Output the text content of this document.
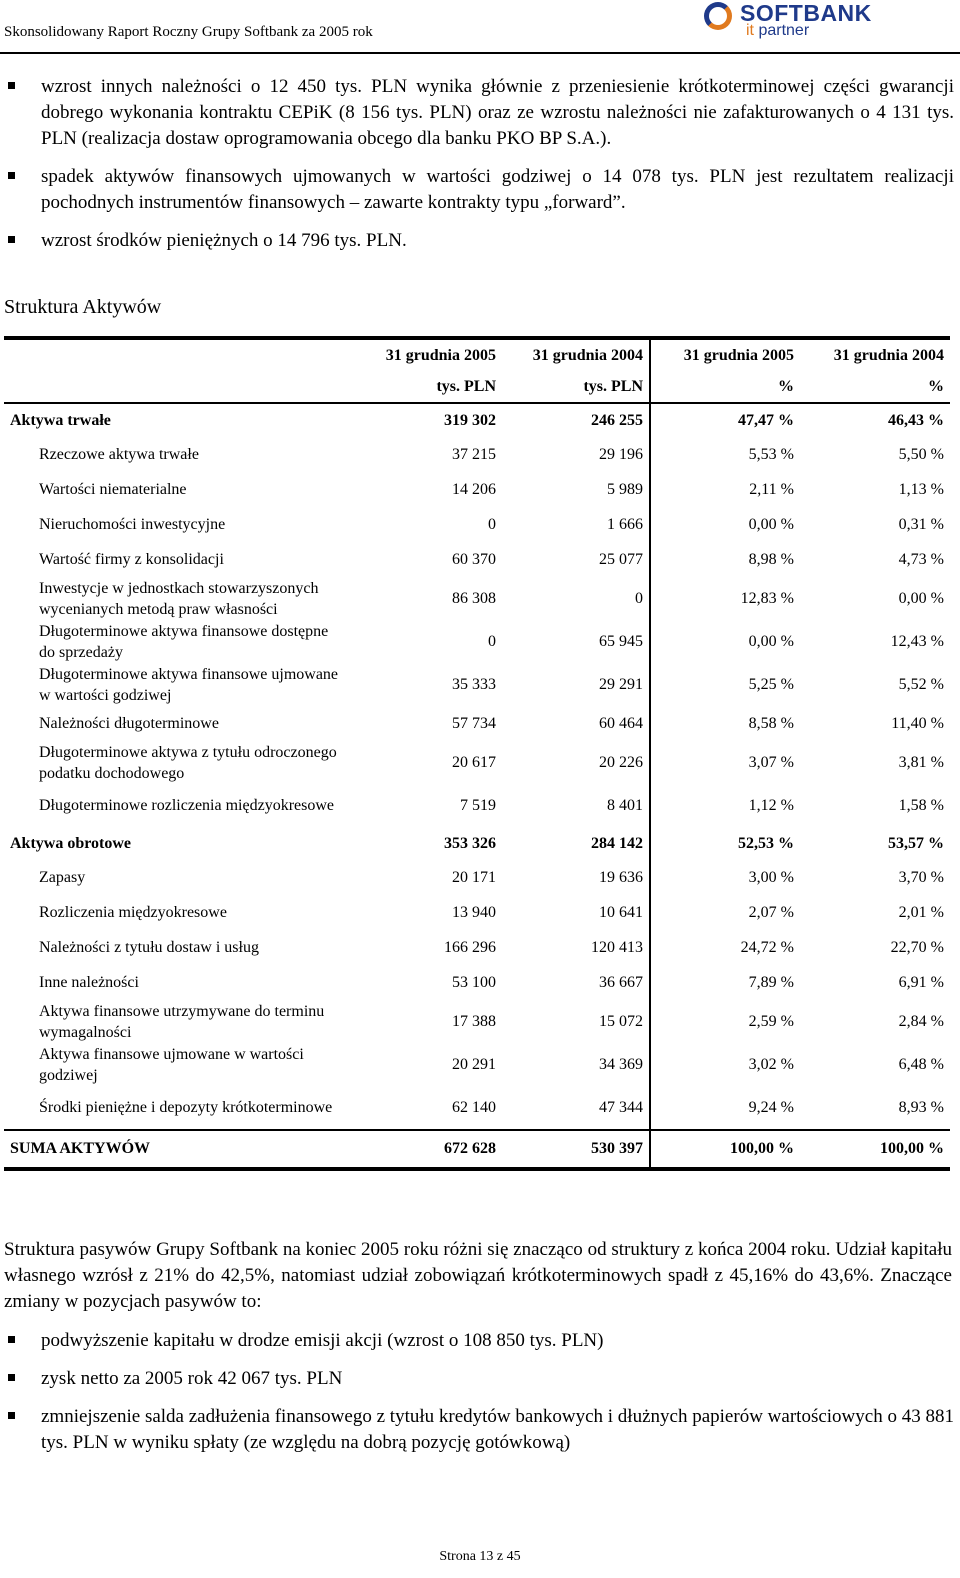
Skonsolidowany Raport Roczny Grupy Softbank za 2005 rok
SOFTBANK
it partner
wzrost innych należności o 12 450 tys. PLN wynika głównie z przeniesienie krótkoterminowej części gwarancji dobrego wykonania kontraktu CEPiK (8 156 tys. PLN) oraz ze wzrostu należności nie zafakturowanych o 4 131 tys. PLN (realizacja dostaw oprogramowania obcego dla banku PKO BP S.A.).
spadek aktywów finansowych ujmowanych w wartości godziwej o 14 078 tys. PLN jest rezultatem realizacji pochodnych instrumentów finansowych – zawarte kontrakty typu „forward”.
wzrost środków pieniężnych o 14 796 tys. PLN.
Struktura Aktywów
	31 grudnia 2005	31 grudnia 2004	31 grudnia 2005	31 grudnia 2004
	tys. PLN	tys. PLN	%	%
Aktywa trwałe	319 302	246 255	47,47 %	46,43 %
Rzeczowe aktywa trwałe	37 215	29 196	5,53 %	5,50 %
Wartości niematerialne	14 206	5 989	2,11 %	1,13 %
Nieruchomości inwestycyjne	0	1 666	0,00 %	0,31 %
Wartość firmy z konsolidacji	60 370	25 077	8,98 %	4,73 %
Inwestycje w jednostkach stowarzyszonych wycenianych metodą praw własności	86 308	0	12,83 %	0,00 %
Długoterminowe aktywa finansowe dostępne do sprzedaży	0	65 945	0,00 %	12,43 %
Długoterminowe aktywa finansowe ujmowane w wartości godziwej	35 333	29 291	5,25 %	5,52 %
Należności długoterminowe	57 734	60 464	8,58 %	11,40 %
Długoterminowe aktywa z tytułu odroczonego podatku dochodowego	20 617	20 226	3,07 %	3,81 %
Długoterminowe rozliczenia międzyokresowe	7 519	8 401	1,12 %	1,58 %
Aktywa obrotowe	353 326	284 142	52,53 %	53,57 %
Zapasy	20 171	19 636	3,00 %	3,70 %
Rozliczenia międzyokresowe	13 940	10 641	2,07 %	2,01 %
Należności z tytułu dostaw i usług	166 296	120 413	24,72 %	22,70 %
Inne należności	53 100	36 667	7,89 %	6,91 %
Aktywa finansowe utrzymywane do terminu wymagalności	17 388	15 072	2,59 %	2,84 %
Aktywa finansowe ujmowane w wartości godziwej	20 291	34 369	3,02 %	6,48 %
Środki pieniężne i depozyty krótkoterminowe	62 140	47 344	9,24 %	8,93 %
SUMA AKTYWÓW	672 628	530 397	100,00 %	100,00 %
Struktura pasywów Grupy Softbank na koniec 2005 roku różni się znacząco od struktury z końca 2004 roku. Udział kapitału własnego wzrósł z 21% do 42,5%, natomiast udział zobowiązań krótkoterminowych spadł z 45,16% do 43,6%. Znaczące zmiany w pozycjach pasywów to:
podwyższenie kapitału w drodze emisji akcji (wzrost o 108 850 tys. PLN)
zysk netto za 2005 rok 42 067 tys. PLN
zmniejszenie salda zadłużenia finansowego z tytułu kredytów bankowych i dłużnych papierów wartościowych o 43 881 tys. PLN w wyniku spłaty (ze względu na dobrą pozycję gotówkową)
Strona 13 z 45
